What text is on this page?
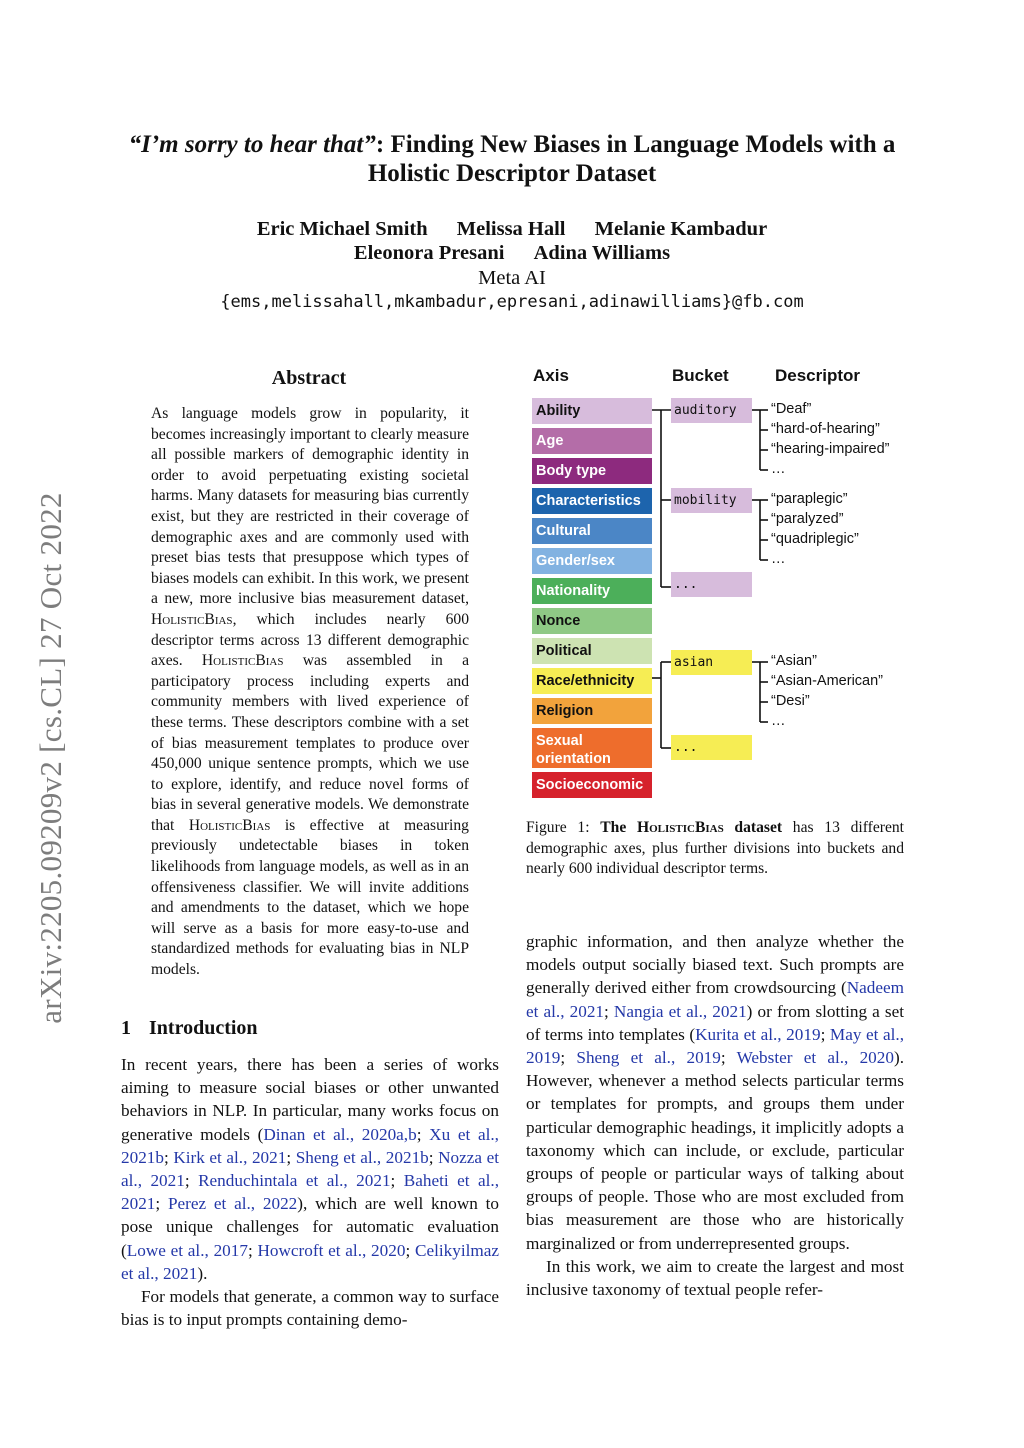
arXiv:2205.09209v2 [cs.CL] 27 Oct 2022
“I’m sorry to hear that”: Finding New Biases in Language Models with a
Holistic Descriptor Dataset
Eric Michael Smith Melissa Hall Melanie Kambadur
Eleonora Presani Adina Williams
Meta AI
{ems,melissahall,mkambadur,epresani,adinawilliams}@fb.com
Abstract
As language models grow in popularity, it becomes increasingly important to clearly measure all possible markers of demographic identity in order to avoid perpetuating existing societal harms. Many datasets for measuring bias currently exist, but they are restricted in their coverage of demographic axes and are commonly used with preset bias tests that presuppose which types of biases models can exhibit. In this work, we present a new, more inclusive bias measurement dataset, HolisticBias, which includes nearly 600 descriptor terms across 13 different demographic axes. HolisticBias was assembled in a participatory process including experts and community members with lived experience of these terms. These descriptors combine with a set of bias measurement templates to produce over 450,000 unique sentence prompts, which we use to explore, identify, and reduce novel forms of bias in several generative models. We demonstrate that HolisticBias is effective at measuring previously undetectable biases in token likelihoods from language models, as well as in an offensiveness classifier. We will invite additions and amendments to the dataset, which we hope will serve as a basis for more easy-to-use and standardized methods for evaluating bias in NLP models.
1 Introduction
In recent years, there has been a series of works aiming to measure social biases or other unwanted behaviors in NLP. In particular, many works focus on generative models (Dinan et al., 2020a,b; Xu et al., 2021b; Kirk et al., 2021; Sheng et al., 2021b; Nozza et al., 2021; Renduchintala et al., 2021; Baheti et al., 2021; Perez et al., 2022), which are well known to pose unique challenges for automatic evaluation (Lowe et al., 2017; Howcroft et al., 2020; Celikyilmaz et al., 2021).
For models that generate, a common way to surface bias is to input prompts containing demo-
Axis	Bucket	Descriptor
Ability
Age
Body type
Characteristics
Cultural
Gender/sex
Nationality
Nonce
Political
Race/ethnicity
Religion
Sexual orientation
Socioeconomic
auditory
mobility
...
asian
...
“Deaf”
“hard-of-hearing”
“hearing-impaired”
…
“paraplegic”
“paralyzed”
“quadriplegic”
…
“Asian”
“Asian-American”
“Desi”
…
Figure 1: The HolisticBias dataset has 13 different demographic axes, plus further divisions into buckets and nearly 600 individual descriptor terms.
graphic information, and then analyze whether the models output socially biased text. Such prompts are generally derived either from crowdsourcing (Nadeem et al., 2021; Nangia et al., 2021) or from slotting a set of terms into templates (Kurita et al., 2019; May et al., 2019; Sheng et al., 2019; Webster et al., 2020). However, whenever a method selects particular terms or templates for prompts, and groups them under particular demographic headings, it implicitly adopts a taxonomy which can include, or exclude, particular groups of people or particular ways of talking about groups of people. Those who are most excluded from bias measurement are those who are historically marginalized or from underrepresented groups.
In this work, we aim to create the largest and most inclusive taxonomy of textual people refer-
